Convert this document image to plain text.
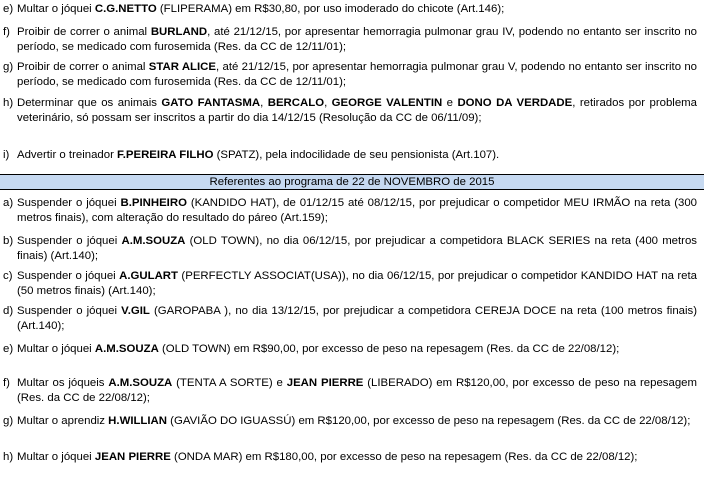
e) Multar o jóquei C.G.NETTO (FLIPERAMA) em R$30,80, por uso imoderado do chicote (Art.146);
f) Proibir de correr o animal BURLAND, até 21/12/15, por apresentar hemorragia pulmonar grau IV, podendo no entanto ser inscrito no período, se medicado com furosemida (Res. da CC de 12/11/01);
g) Proibir de correr o animal STAR ALICE, até 21/12/15, por apresentar hemorragia pulmonar grau V, podendo no entanto ser inscrito no período, se medicado com furosemida (Res. da CC de 12/11/01);
h) Determinar que os animais GATO FANTASMA, BERCALO, GEORGE VALENTIN e DONO DA VERDADE, retirados por problema veterinário, só possam ser inscritos a partir do dia 14/12/15 (Resolução da CC de 06/11/09);
i) Advertir o treinador F.PEREIRA FILHO (SPATZ), pela indocilidade de seu pensionista (Art.107).
Referentes ao programa de 22 de NOVEMBRO de 2015
a) Suspender o jóquei B.PINHEIRO (KANDIDO HAT), de 01/12/15 até 08/12/15, por prejudicar o competidor MEU IRMÃO na reta (300 metros finais), com alteração do resultado do páreo (Art.159);
b) Suspender o jóquei A.M.SOUZA (OLD TOWN), no dia 06/12/15, por prejudicar a competidora BLACK SERIES na reta (400 metros finais) (Art.140);
c) Suspender o jóquei A.GULART (PERFECTLY ASSOCIAT(USA)), no dia 06/12/15, por prejudicar o competidor KANDIDO HAT na reta (50 metros finais) (Art.140);
d) Suspender o jóquei V.GIL (GAROPABA ), no dia 13/12/15, por prejudicar a competidora CEREJA DOCE na reta (100 metros finais) (Art.140);
e) Multar o jóquei A.M.SOUZA (OLD TOWN) em R$90,00, por excesso de peso na repesagem (Res. da CC de 22/08/12);
f) Multar os jóqueis A.M.SOUZA (TENTA A SORTE) e JEAN PIERRE (LIBERADO) em R$120,00, por excesso de peso na repesagem (Res. da CC de 22/08/12);
g) Multar o aprendiz H.WILLIAN (GAVIÃO DO IGUASSÚ) em R$120,00, por excesso de peso na repesagem (Res. da CC de 22/08/12);
h) Multar o jóquei JEAN PIERRE (ONDA MAR) em R$180,00, por excesso de peso na repesagem (Res. da CC de 22/08/12);
